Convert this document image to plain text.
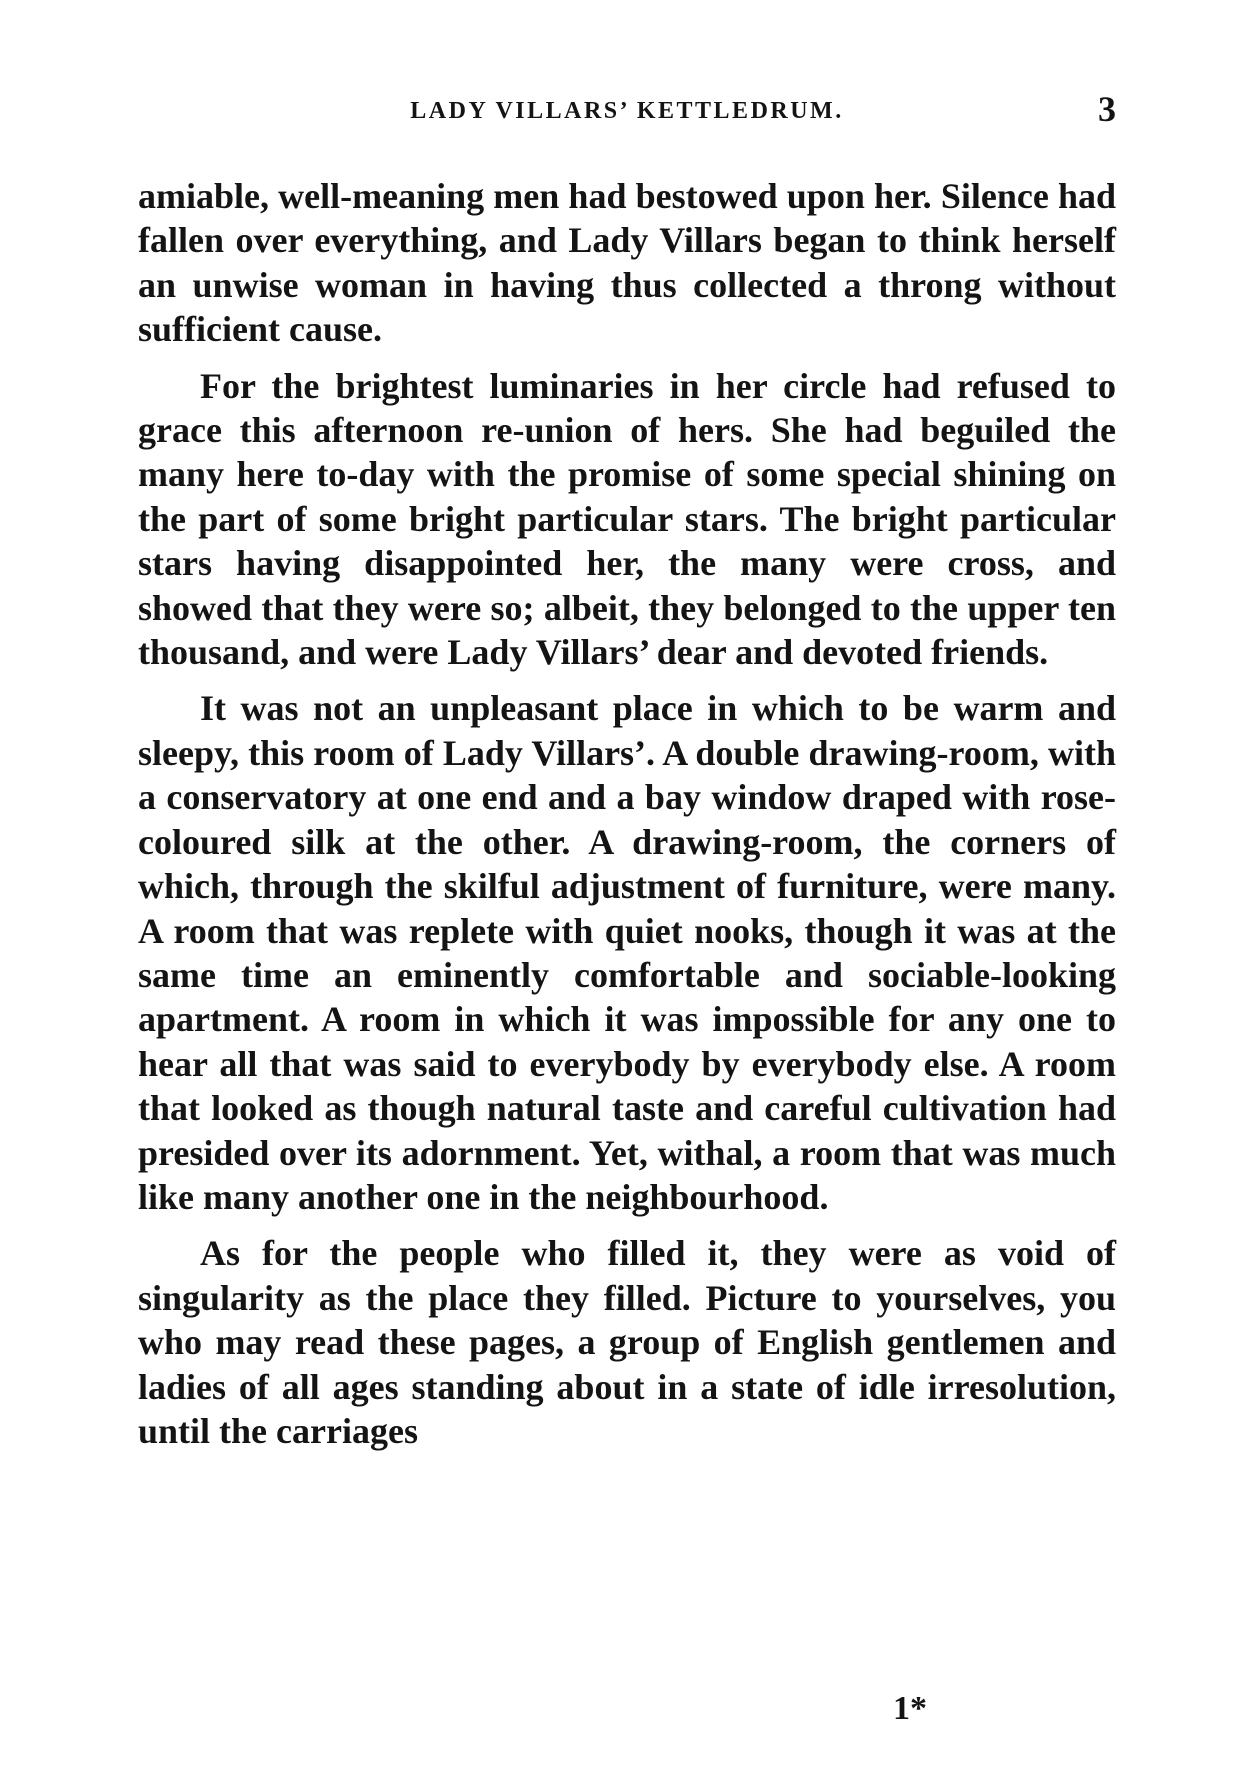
LADY VILLARS’ KETTLEDRUM.	3

amiable, well-meaning men had bestowed upon her. Silence had fallen over everything, and Lady Villars began to think herself an unwise woman in having thus collected a throng without sufficient cause.

For the brightest luminaries in her circle had refused to grace this afternoon re-union of hers. She had beguiled the many here to-day with the promise of some special shining on the part of some bright particular stars. The bright particular stars having disappointed her, the many were cross, and showed that they were so; albeit, they belonged to the upper ten thousand, and were Lady Villars’ dear and devoted friends.

It was not an unpleasant place in which to be warm and sleepy, this room of Lady Villars’. A double drawing-room, with a conservatory at one end and a bay window draped with rose-coloured silk at the other. A drawing-room, the corners of which, through the skilful adjustment of furniture, were many. A room that was replete with quiet nooks, though it was at the same time an eminently comfortable and sociable-looking apartment. A room in which it was impossible for any one to hear all that was said to everybody by everybody else. A room that looked as though natural taste and careful cultivation had presided over its adornment. Yet, withal, a room that was much like many another one in the neighbourhood.

As for the people who filled it, they were as void of singularity as the place they filled. Picture to yourselves, you who may read these pages, a group of English gentlemen and ladies of all ages standing about in a state of idle irresolution, until the carriages

1*
